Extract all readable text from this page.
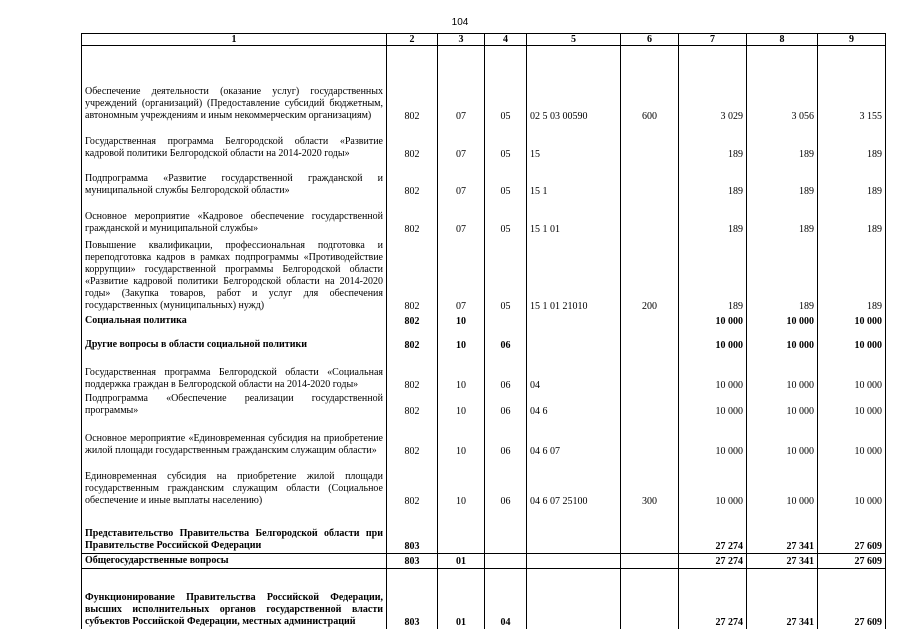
104
1	2	3	4	5	6	7	8	9
Обеспечение деятельности (оказание услуг) государственных учреждений (организаций) (Предоставление субсидий бюджетным, автономным учреждениям и иным некоммерческим организациям)	802	07	05	02 5 03 00590	600	3 029	3 056	3 155
Государственная программа Белгородской области «Развитие кадровой политики Белгородской области на 2014-2020 годы»	802	07	05	15		189	189	189
Подпрограмма «Развитие государственной гражданской и муниципальной службы Белгородской области»	802	07	05	15 1		189	189	189
Основное мероприятие «Кадровое обеспечение государственной гражданской и муниципальной службы»	802	07	05	15 1 01		189	189	189
Повышение квалификации, профессиональная подготовка и переподготовка кадров в рамках подпрограммы «Противодействие коррупции» государственной программы Белгородской области «Развитие кадровой политики Белгородской области на 2014-2020 годы» (Закупка товаров, работ и услуг для обеспечения государственных (муниципальных) нужд)	802	07	05	15 1 01 21010	200	189	189	189
Социальная политика	802	10				10 000	10 000	10 000
Другие вопросы в области социальной политики	802	10	06			10 000	10 000	10 000
Государственная программа Белгородской области «Социальная поддержка граждан в Белгородской области на 2014-2020 годы»	802	10	06	04		10 000	10 000	10 000
Подпрограмма «Обеспечение реализации государственной программы»	802	10	06	04 6		10 000	10 000	10 000
Основное мероприятие «Единовременная субсидия на приобретение жилой площади государственным гражданским служащим области»	802	10	06	04 6 07		10 000	10 000	10 000
Единовременная субсидия на приобретение жилой площади государственным гражданским служащим области (Социальное обеспечение и иные выплаты населению)	802	10	06	04 6 07 25100	300	10 000	10 000	10 000
Представительство Правительства Белгородской области при Правительстве Российской Федерации	803					27 274	27 341	27 609
Общегосударственные вопросы	803	01				27 274	27 341	27 609
Функционирование Правительства Российской Федерации, высших исполнительных органов государственной власти субъектов Российской Федерации, местных администраций	803	01	04			27 274	27 341	27 609
